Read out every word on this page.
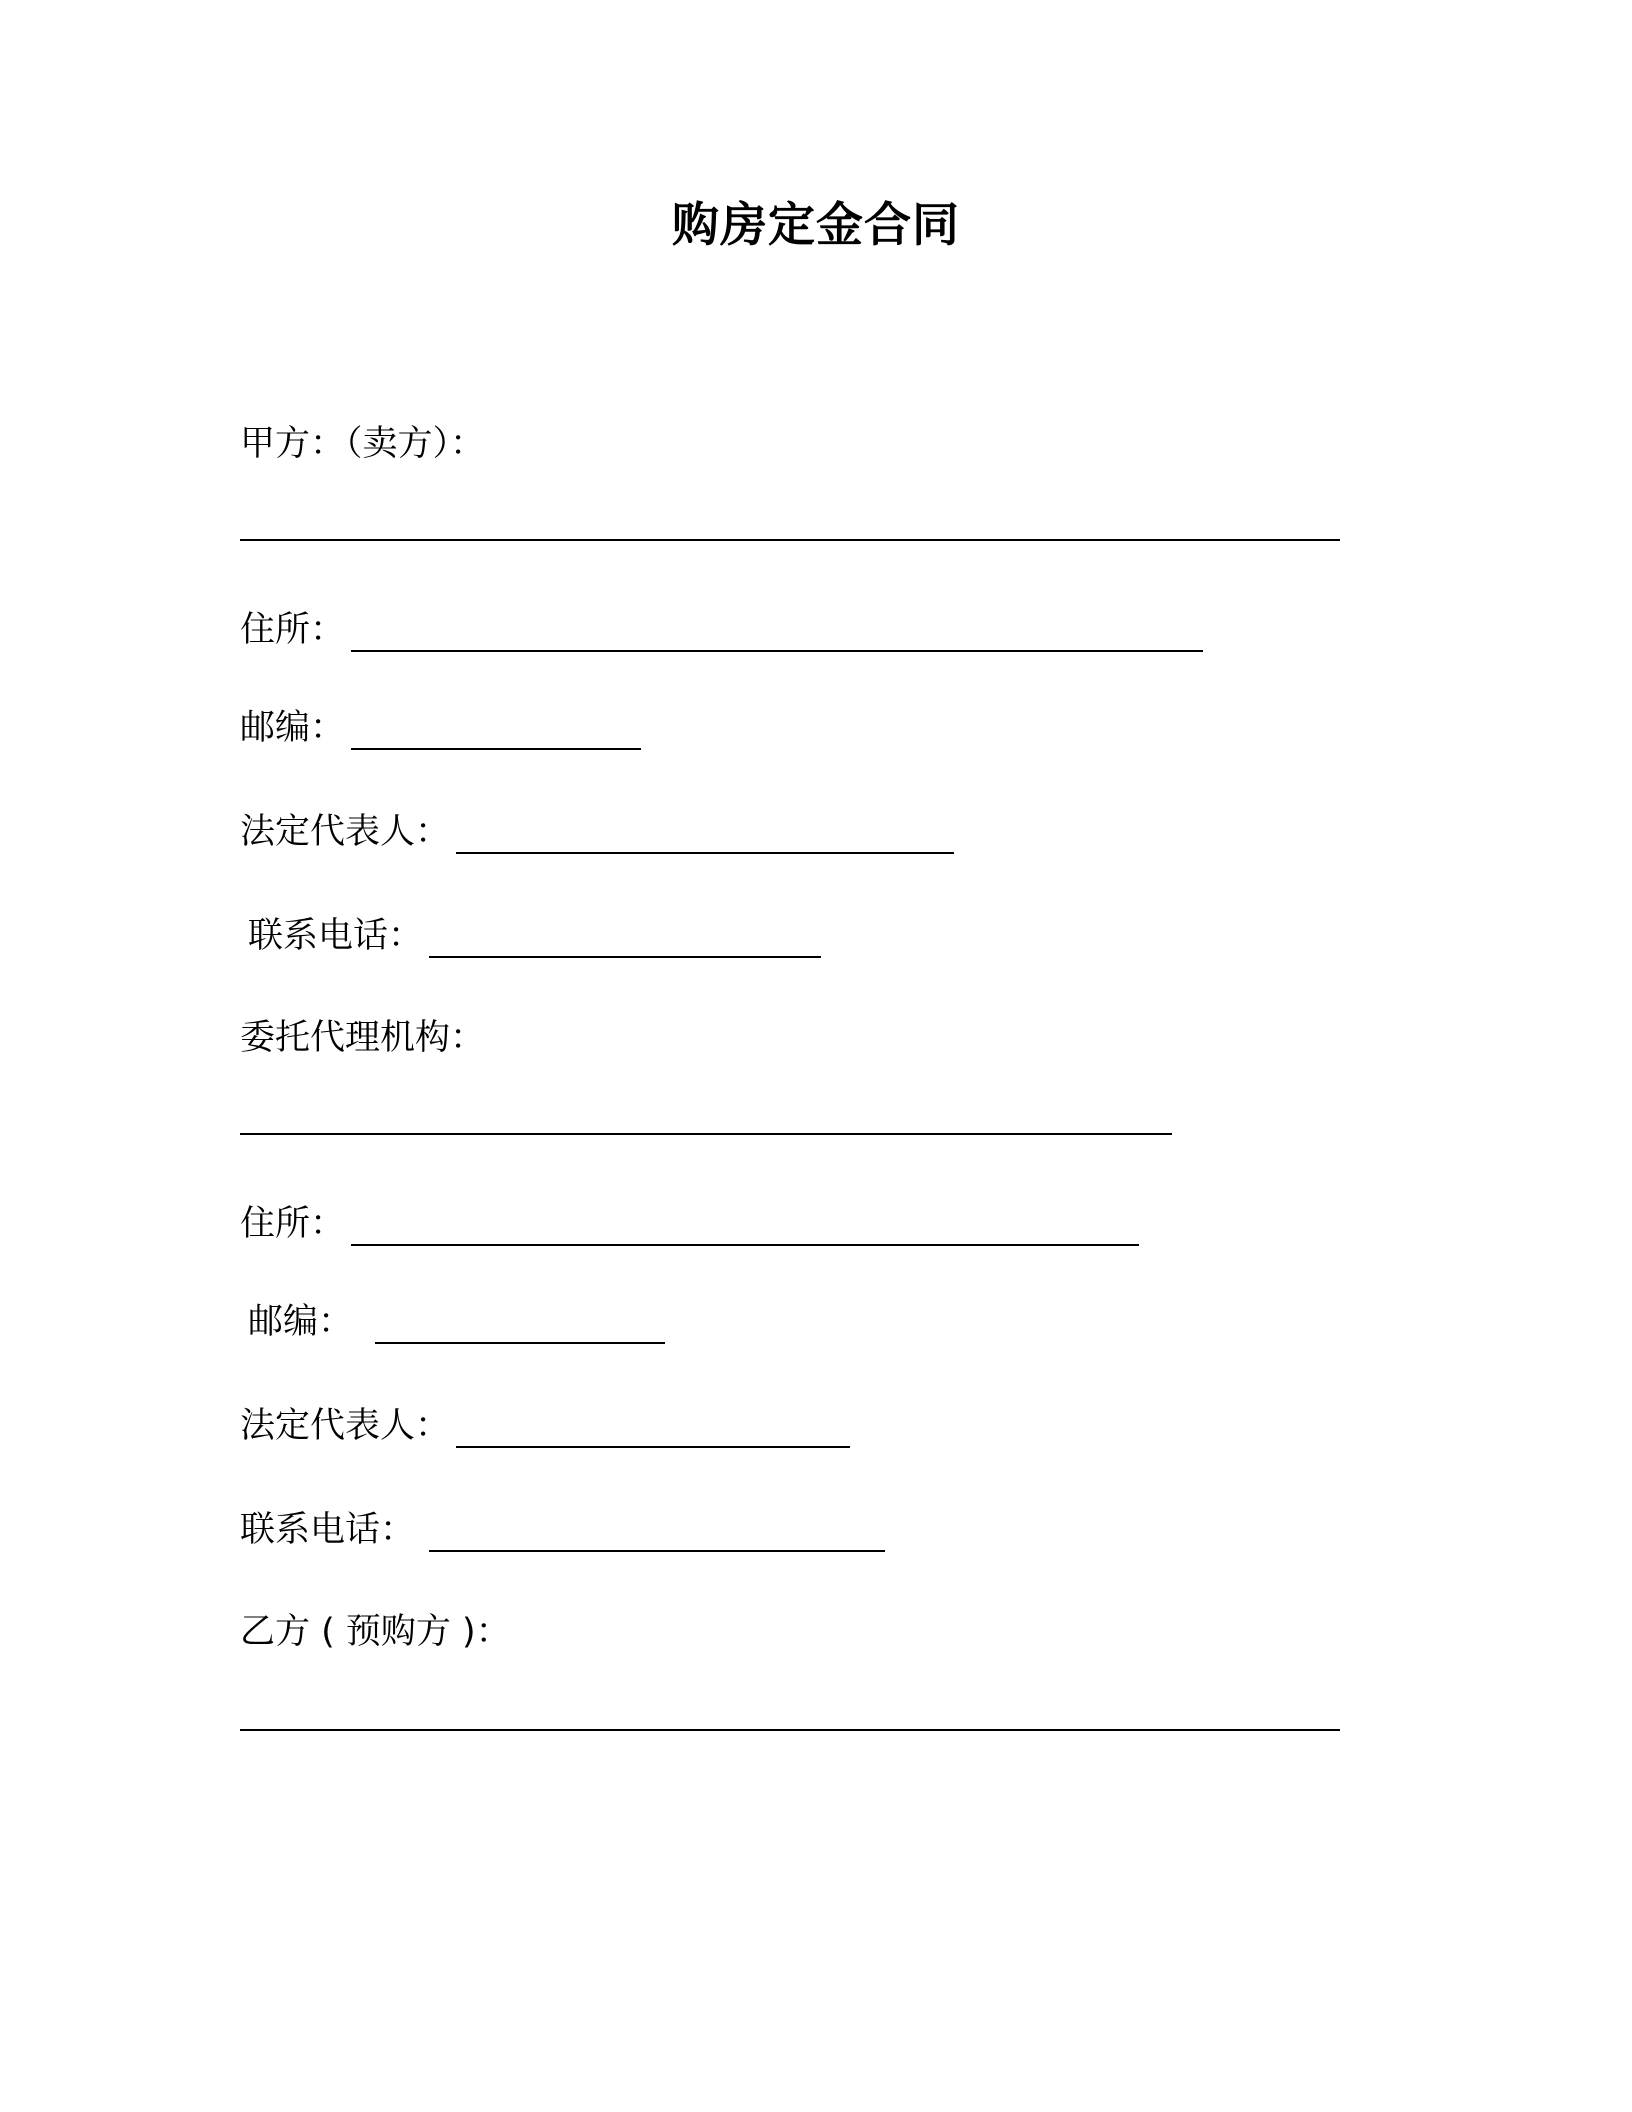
购房定金合同
甲方：（卖方）：
住所：
邮编：
法定代表人：
联系电话：
委托代理机构：
住所：
邮编：
法定代表人：
联系电话：
乙方 ( 预购方 )：
